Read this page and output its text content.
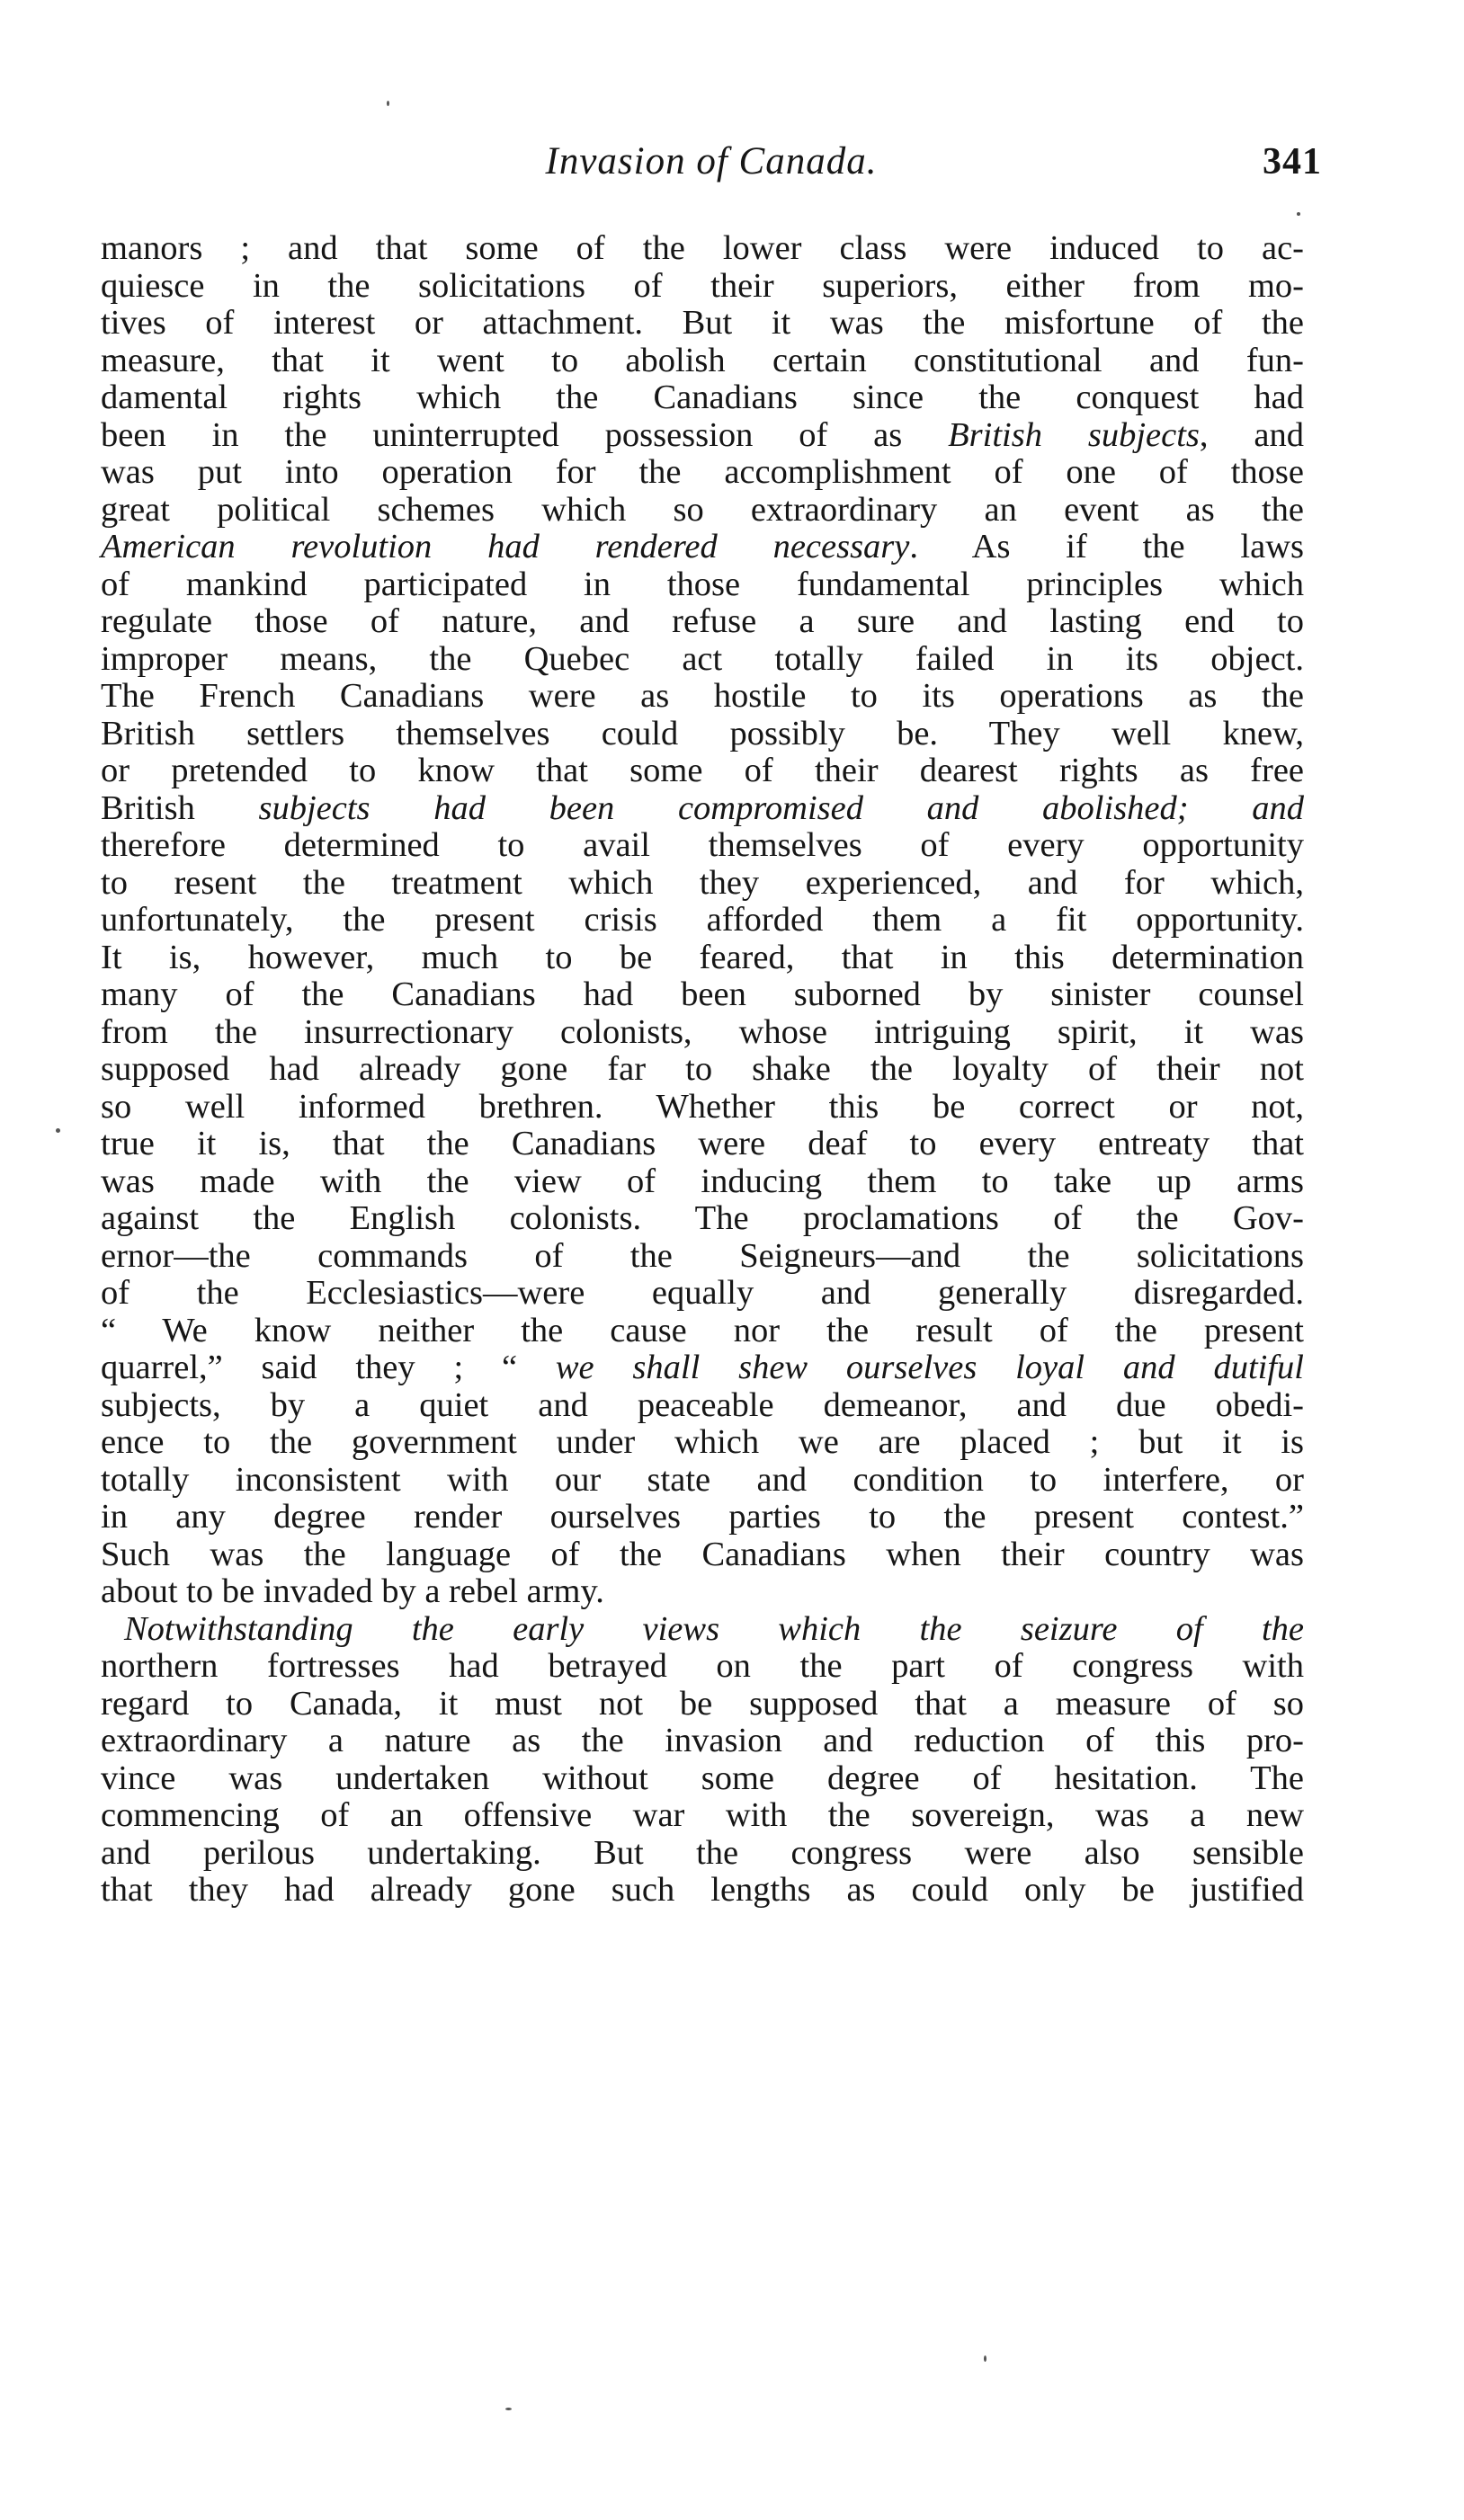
Invasion of Canada.	341
manors ; and that some of the lower class were induced to ac-
quiesce in the solicitations of their superiors, either from mo-
tives of interest or attachment. But it was the misfortune of the
measure, that it went to abolish certain constitutional and fun-
damental rights which the Canadians since the conquest had
been in the uninterrupted possession of as British subjects, and
was put into operation for the accomplishment of one of those
great political schemes which so extraordinary an event as the
American revolution had rendered necessary. As if the laws
of mankind participated in those fundamental principles which
regulate those of nature, and refuse a sure and lasting end to
improper means, the Quebec act totally failed in its object.
The French Canadians were as hostile to its operations as the
British settlers themselves could possibly be. They well knew,
or pretended to know that some of their dearest rights as free
British subjects had been compromised and abolished; and
therefore determined to avail themselves of every opportunity
to resent the treatment which they experienced, and for which,
unfortunately, the present crisis afforded them a fit opportunity.
It is, however, much to be feared, that in this determination
many of the Canadians had been suborned by sinister counsel
from the insurrectionary colonists, whose intriguing spirit, it was
supposed had already gone far to shake the loyalty of their not
so well informed brethren. Whether this be correct or not,
true it is, that the Canadians were deaf to every entreaty that
was made with the view of inducing them to take up arms
against the English colonists. The proclamations of the Gov-
ernor—the commands of the Seigneurs—and the solicitations
of the Ecclesiastics—were equally and generally disregarded.
“ We know neither the cause nor the result of the present
quarrel,” said they ; “ we shall shew ourselves loyal and dutiful
subjects, by a quiet and peaceable demeanor, and due obedi-
ence to the government under which we are placed ; but it is
totally inconsistent with our state and condition to interfere, or
in any degree render ourselves parties to the present contest.”
Such was the language of the Canadians when their country was
about to be invaded by a rebel army.
Notwithstanding the early views which the seizure of the
northern fortresses had betrayed on the part of congress with
regard to Canada, it must not be supposed that a measure of so
extraordinary a nature as the invasion and reduction of this pro-
vince was undertaken without some degree of hesitation. The
commencing of an offensive war with the sovereign, was a new
and perilous undertaking. But the congress were also sensible
that they had already gone such lengths as could only be justified
